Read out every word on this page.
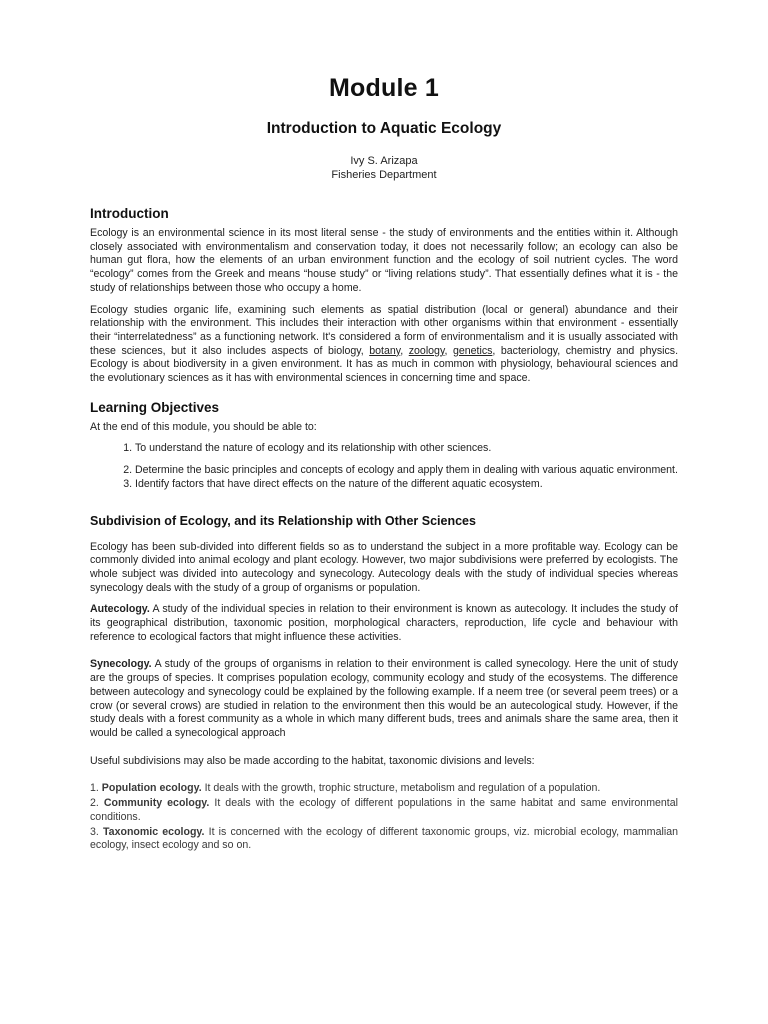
Module 1
Introduction to Aquatic Ecology
Ivy S. Arizapa
Fisheries Department
Introduction

Ecology is an environmental science in its most literal sense - the study of environments and the entities within it. Although closely associated with environmentalism and conservation today, it does not necessarily follow; an ecology can also be human gut flora, how the elements of an urban environment function and the ecology of soil nutrient cycles. The word “ecology” comes from the Greek and means “house study” or “living relations study”. That essentially defines what it is - the study of relationships between those who occupy a home.

Ecology studies organic life, examining such elements as spatial distribution (local or general) abundance and their relationship with the environment. This includes their interaction with other organisms within that environment - essentially their “interrelatedness” as a functioning network. It's considered a form of environmentalism and it is usually associated with these sciences, but it also includes aspects of biology, botany, zoology, genetics, bacteriology, chemistry and physics. Ecology is about biodiversity in a given environment. It has as much in common with physiology, behavioural sciences and the evolutionary sciences as it has with environmental sciences in concerning time and space.

Learning Objectives

At the end of this module, you should be able to:

1. To understand the nature of ecology and its relationship with other sciences.
2. Determine the basic principles and concepts of ecology and apply them in dealing with various aquatic environment.
3. Identify factors that have direct effects on the nature of the different aquatic ecosystem.
Subdivision of Ecology, and its Relationship with Other Sciences

Ecology has been sub-divided into different fields so as to understand the subject in a more profitable way. Ecology can be commonly divided into animal ecology and plant ecology. However, two major subdivisions were preferred by ecologists. The whole subject was divided into autecology and synecology. Autecology deals with the study of individual species whereas synecology deals with the study of a group of organisms or population.

Autecology. A study of the individual species in relation to their environment is known as autecology. It includes the study of its geographical distribution, taxonomic position, morphological characters, reproduction, life cycle and behaviour with reference to ecological factors that might influence these activities.

Synecology. A study of the groups of organisms in relation to their environment is called synecology. Here the unit of study are the groups of species. It comprises population ecology, community ecology and study of the ecosystems. The difference between autecology and synecology could be explained by the following example. If a neem tree (or several peem trees) or a crow (or several crows) are studied in relation to the environment then this would be an autecological study. However, if the study deals with a forest community as a whole in which many different buds, trees and animals share the same area, then it would be called a synecological approach

Useful subdivisions may also be made according to the habitat, taxonomic divisions and levels:

1. Population ecology. It deals with the growth, trophic structure, metabolism and regulation of a population.

2. Community ecology. It deals with the ecology of different populations in the same habitat and same environmental conditions.

3. Taxonomic ecology. It is concerned with the ecology of different taxonomic groups, viz. microbial ecology, mammalian ecology, insect ecology and so on.
